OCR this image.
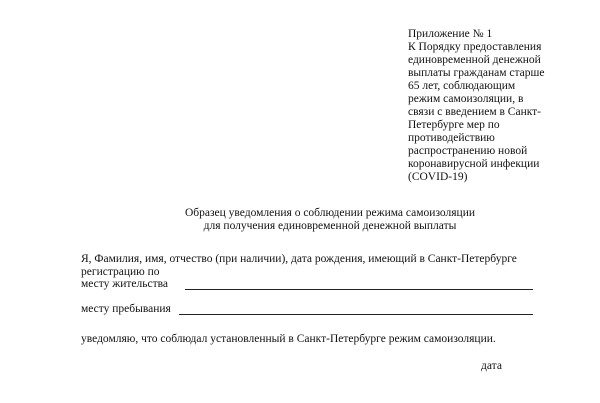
Приложение № 1
К Порядку предоставления
единовременной денежной
выплаты гражданам старше
65 лет, соблюдающим
режим самоизоляции, в
связи с введением в Санкт-
Петербурге мер по
противодействию
распространению новой
коронавирусной инфекции
(COVID-19)
Образец уведомления о соблюдении режима самоизоляции
для получения единовременной денежной выплаты
Я, Фамилия, имя, отчество (при наличии), дата рождения, имеющий в Санкт-Петербурге
регистрацию по
месту жительства
месту пребывания
уведомляю, что соблюдал установленный в Санкт-Петербурге режим самоизоляции.
дата
